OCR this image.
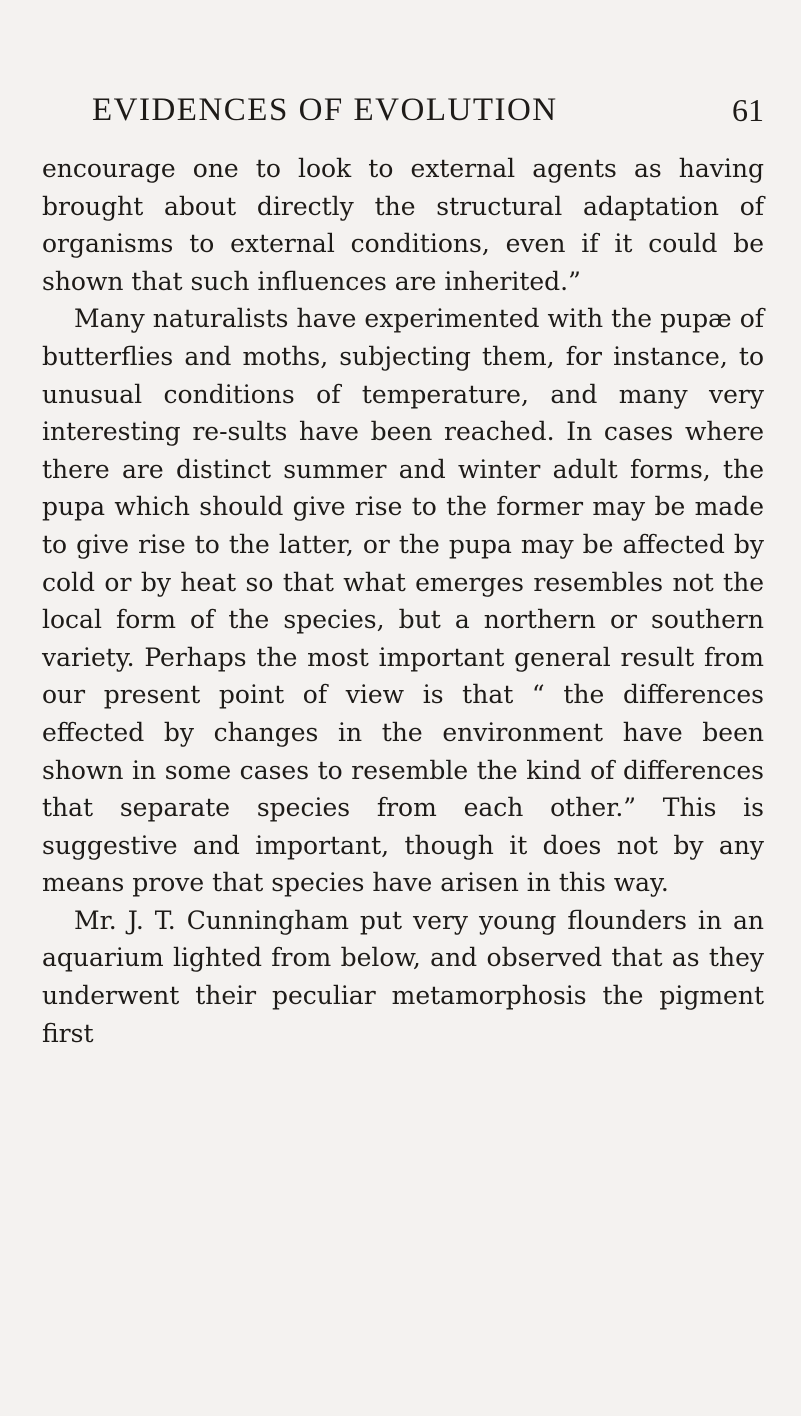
EVIDENCES OF EVOLUTION	61

encourage one to look to external agents as having brought about directly the structural adaptation of organisms to external conditions, even if it could be shown that such influences are inherited.”

Many naturalists have experimented with the pupæ of butterflies and moths, subjecting them, for instance, to unusual conditions of temperature, and many very interesting re-sults have been reached. In cases where there are distinct summer and winter adult forms, the pupa which should give rise to the former may be made to give rise to the latter, or the pupa may be affected by cold or by heat so that what emerges resembles not the local form of the species, but a northern or southern variety. Perhaps the most important general result from our present point of view is that “ the differences effected by changes in the environment have been shown in some cases to resemble the kind of differences that separate species from each other.” This is suggestive and important, though it does not by any means prove that species have arisen in this way.

Mr. J. T. Cunningham put very young flounders in an aquarium lighted from below, and observed that as they underwent their peculiar metamorphosis the pigment first
